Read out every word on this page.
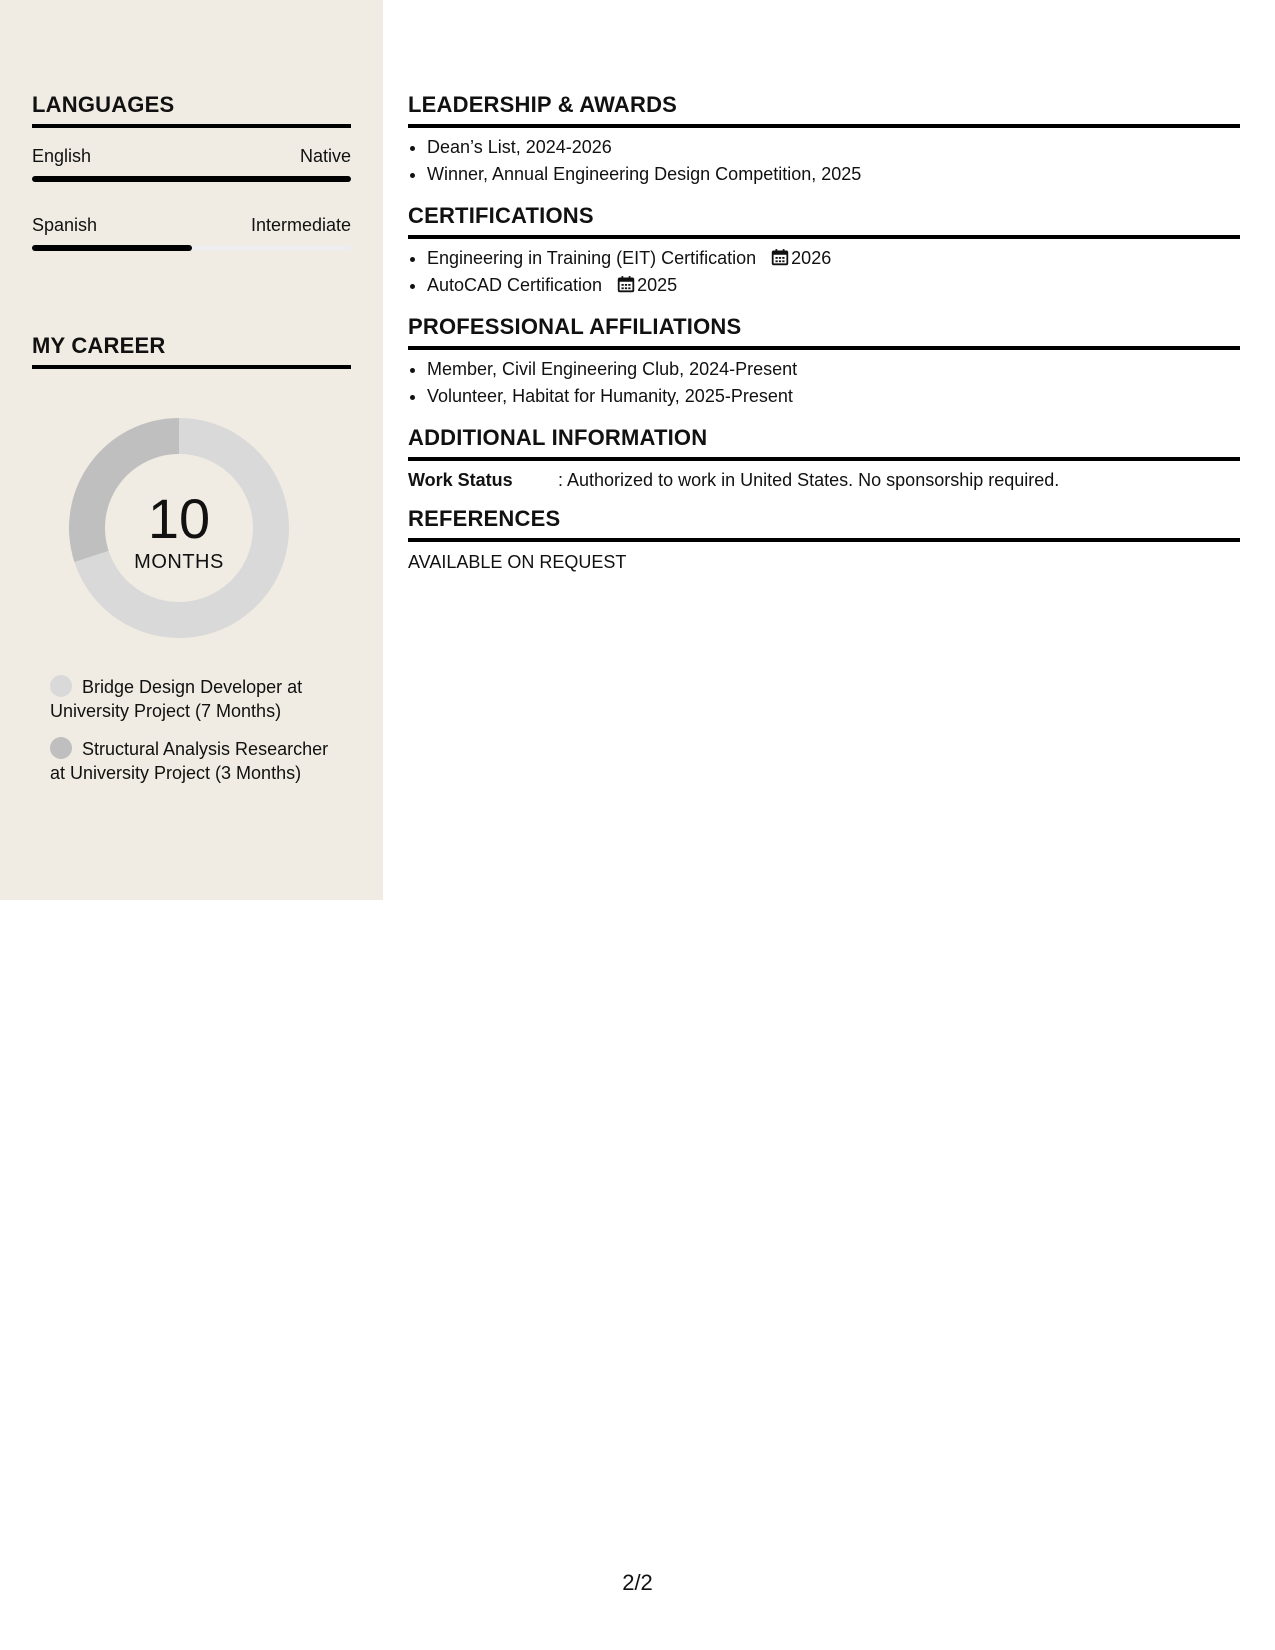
LANGUAGES
English	Native
Spanish	Intermediate
MY CAREER
10
MONTHS
Bridge Design Developer at University Project (7 Months)
Structural Analysis Researcher at University Project (3 Months)
LEADERSHIP & AWARDS
• Dean’s List, 2024-2026
• Winner, Annual Engineering Design Competition, 2025
CERTIFICATIONS
• Engineering in Training (EIT) Certification 2026
• AutoCAD Certification 2025
PROFESSIONAL AFFILIATIONS
• Member, Civil Engineering Club, 2024-Present
• Volunteer, Habitat for Humanity, 2025-Present
ADDITIONAL INFORMATION
Work Status	: Authorized to work in United States. No sponsorship required.
REFERENCES
AVAILABLE ON REQUEST
2/2
